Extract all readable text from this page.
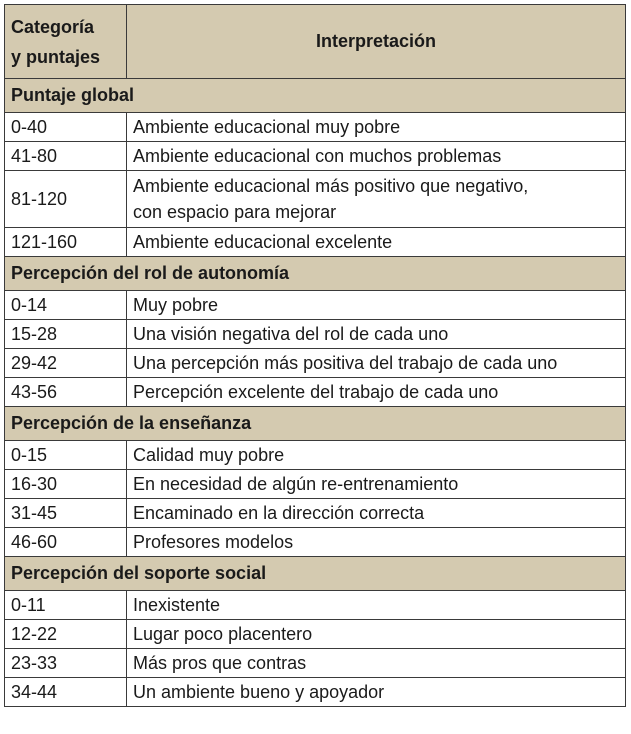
Categoría
y puntajes	Interpretación
Puntaje global	
0-40	Ambiente educacional muy pobre
41-80	Ambiente educacional con muchos problemas
81-120	Ambiente educacional más positivo que negativo,
con espacio para mejorar
121-160	Ambiente educacional excelente
Percepción del rol de autonomía	
0-14	Muy pobre
15-28	Una visión negativa del rol de cada uno
29-42	Una percepción más positiva del trabajo de cada uno
43-56	Percepción excelente del trabajo de cada uno
Percepción de la enseñanza	
0-15	Calidad muy pobre
16-30	En necesidad de algún re-entrenamiento
31-45	Encaminado en la dirección correcta
46-60	Profesores modelos
Percepción del soporte social	
0-11	Inexistente
12-22	Lugar poco placentero
23-33	Más pros que contras
34-44	Un ambiente bueno y apoyador
